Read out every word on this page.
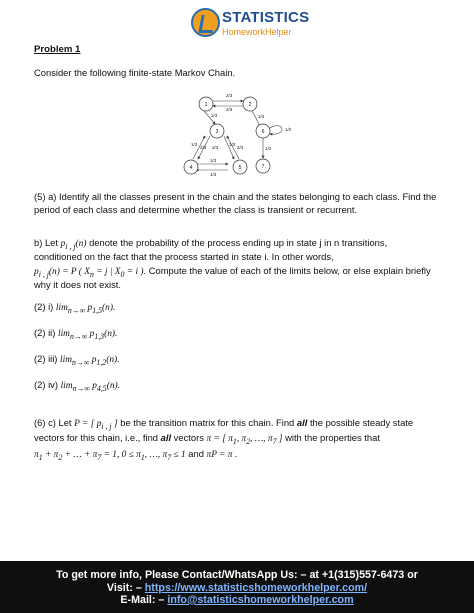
STATISTICS
HomeworkHelper

Problem 1

Consider the following finite-state Markov Chain.

2/3
2/3
1/3	1/3
1/3
2/3 2/3
1/3
2/3
1/3
1/3
1/2
1/2
1	2
3
4	5
6
7

(5) a) Identify all the classes present in the chain and the states belonging to each class. Find the period of each class and determine whether the class is transient or recurrent.

b) Let $p_{i , j}(n)$ denote the probability of the process ending up in state j in n transitions,

conditioned on the fact that the process started in state i. In other words,

$p_{i , j}(n) = P$ ( $X_n = j$ | $X_0 = i$ ). Compute the value of each of the limits below, or else explain briefly

why it does not exist.

(2) i) $\lim_{n\to\infty} p_{1,5}(n)$.

(2) ii) $\lim_{n\to\infty} p_{1,3}(n)$.

(2) iii) $\lim_{n\to\infty} p_{1,2}(n)$.

(2) iv) $\lim_{n\to\infty} p_{4,5}(n)$.

(6) c) Let P = [ $p_{i , j}$ ] be the transition matrix for this chain. Find all the possible steady state

vectors for this chain, i.e., find all vectors π = [ $\pi_1$, $\pi_2$, …, $\pi_7$ ] with the properties that

$\pi_1 + \pi_2$ + … + $\pi_7 = 1$, $0 \le \pi_1$, …, $\pi_7 \le 1$ and πP = π .

To get more info, Please Contact/WhatsApp Us: – at +1(315)557-6473 or
Visit: – https://www.statisticshomeworkhelper.com/
E-Mail: – info@statisticshomeworkhelper.com
